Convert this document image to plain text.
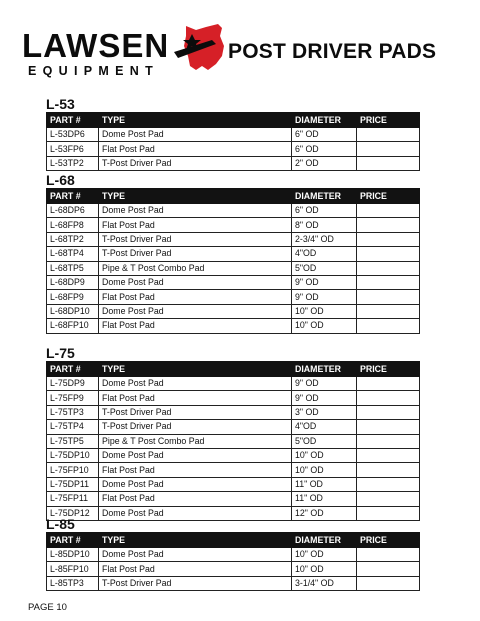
LAWSEN
EQUIPMENT
POST DRIVER PADS
L-53
PART #	TYPE	DIAMETER	PRICE
L-53DP6	Dome Post Pad	6" OD	
L-53FP6	Flat Post Pad	6" OD	
L-53TP2	T-Post Driver Pad	2" OD	
L-68
PART #	TYPE	DIAMETER	PRICE
L-68DP6	Dome Post Pad	6" OD	
L-68FP8	Flat Post Pad	8" OD	
L-68TP2	T-Post Driver Pad	2-3/4" OD	
L-68TP4	T-Post Driver Pad	4"OD	
L-68TP5	Pipe & T Post Combo Pad	5"OD	
L-68DP9	Dome Post Pad	9" OD	
L-68FP9	Flat Post Pad	9" OD	
L-68DP10	Dome Post Pad	10" OD	
L-68FP10	Flat Post Pad	10" OD	
L-75
PART #	TYPE	DIAMETER	PRICE
L-75DP9	Dome Post Pad	9" OD	
L-75FP9	Flat Post Pad	9" OD	
L-75TP3	T-Post Driver Pad	3" OD	
L-75TP4	T-Post Driver Pad	4"OD	
L-75TP5	Pipe & T Post Combo Pad	5"OD	
L-75DP10	Dome Post Pad	10" OD	
L-75FP10	Flat Post Pad	10" OD	
L-75DP11	Dome Post Pad	11" OD	
L-75FP11	Flat Post Pad	11" OD	
L-75DP12	Dome Post Pad	12" OD	
L-85
PART #	TYPE	DIAMETER	PRICE
L-85DP10	Dome Post Pad	10" OD	
L-85FP10	Flat Post Pad	10" OD	
L-85TP3	T-Post Driver Pad	3-1/4" OD	
PAGE 10
